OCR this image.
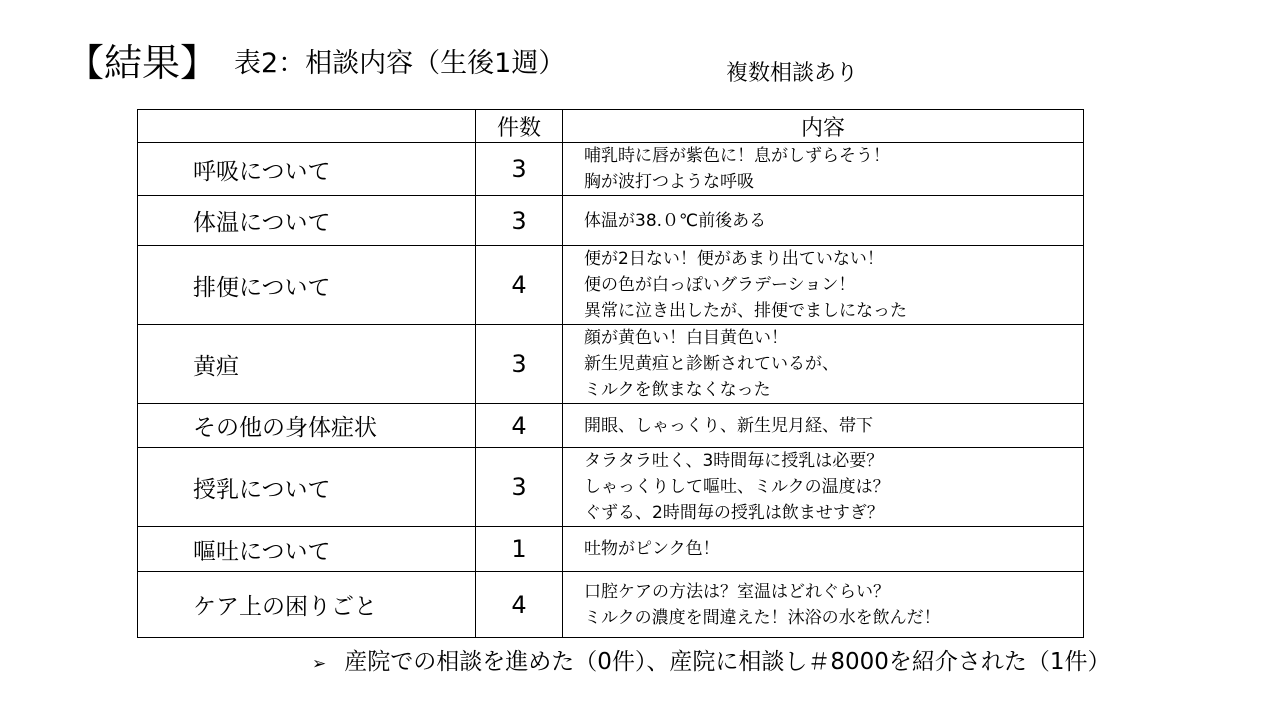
【結果】 表2：相談内容（生後1週）	複数相談あり
	件数	内容
呼吸について	3	哺乳時に唇が紫色に！息がしずらそう！
胸が波打つような呼吸

体温について	3	体温が38.０℃前後ある

排便について	4	便が2日ない！便があまり出ていない！
便の色が白っぽいグラデーション！
異常に泣き出したが、排便でましになった

黄疸	3	顔が黄色い！白目黄色い！
新生児黄疸と診断されているが、
ミルクを飲まなくなった

その他の身体症状	4	開眼、しゃっくり、新生児月経、帯下

授乳について	3	タラタラ吐く、3時間毎に授乳は必要？
しゃっくりして嘔吐、ミルクの温度は？
ぐずる、2時間毎の授乳は飲ませすぎ？

嘔吐について	1	吐物がピンク色！

ケア上の困りごと	4	口腔ケアの方法は？室温はどれぐらい？
ミルクの濃度を間違えた！沐浴の水を飲んだ！
➢ 産院での相談を進めた（0件）、産院に相談し＃8000を紹介された（1件）
